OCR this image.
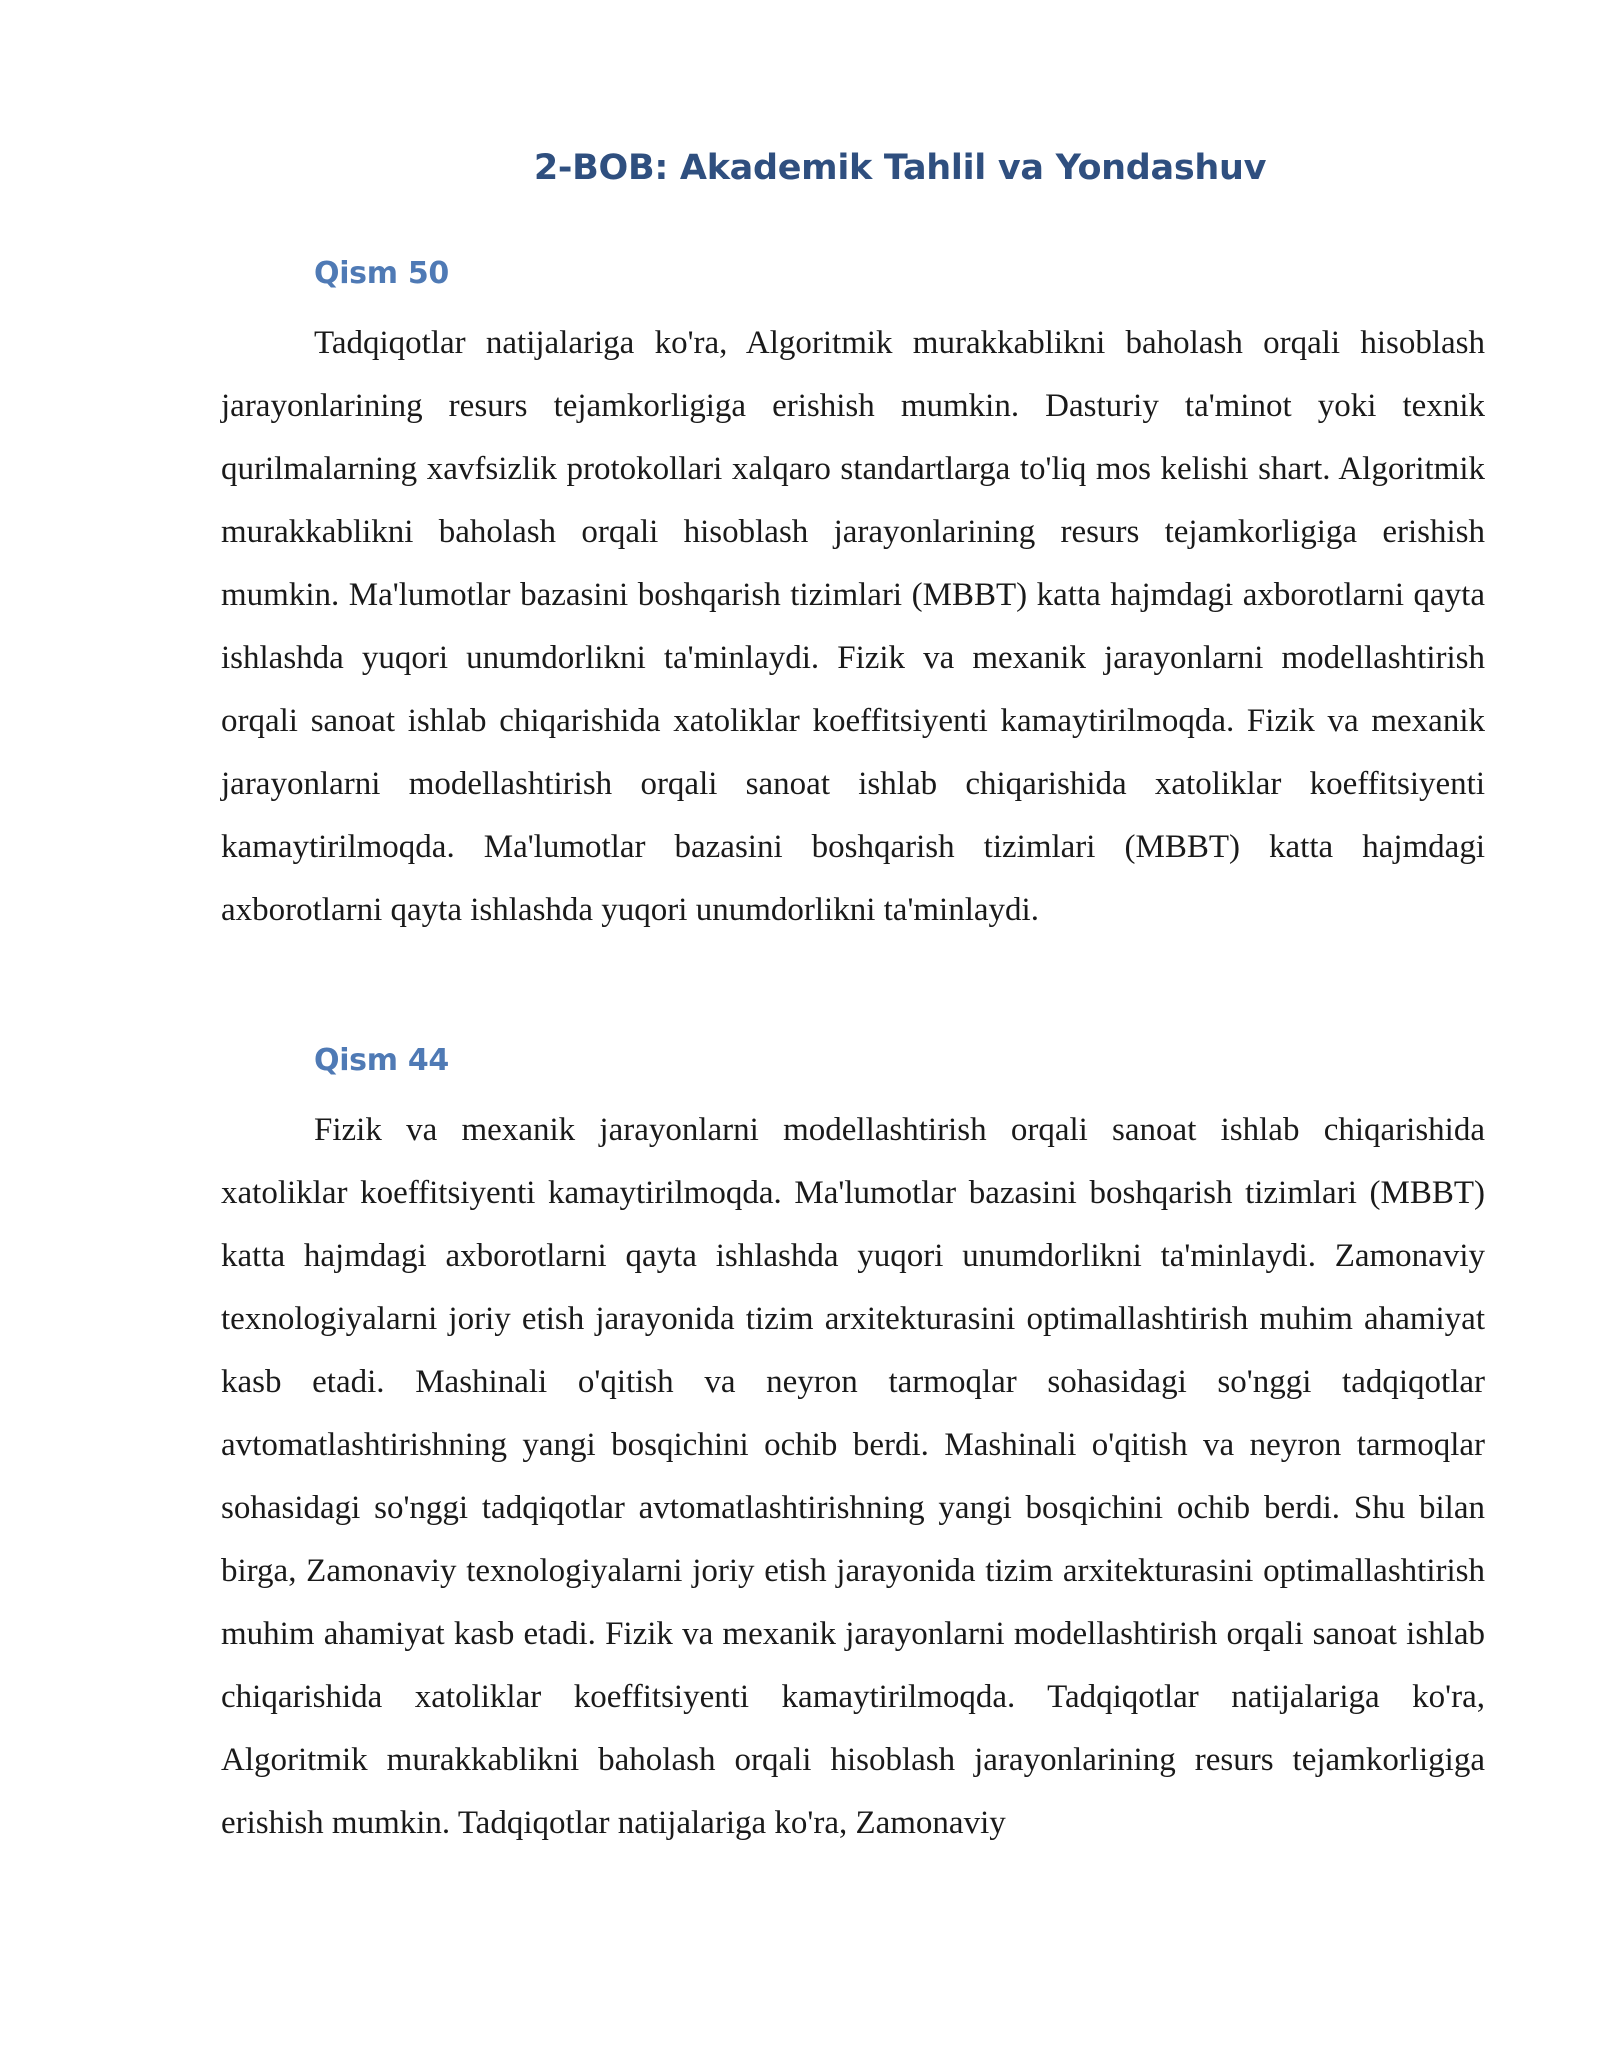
2-BOB: Akademik Tahlil va Yondashuv
Qism 50

Tadqiqotlar natijalariga ko'ra, Algoritmik murakkablikni baholash orqali hisoblash jarayonlarining resurs tejamkorligiga erishish mumkin. Dasturiy ta'minot yoki texnik qurilmalarning xavfsizlik protokollari xalqaro standartlarga to'liq mos kelishi shart. Algoritmik murakkablikni baholash orqali hisoblash jarayonlarining resurs tejamkorligiga erishish mumkin. Ma'lumotlar bazasini boshqarish tizimlari (MBBT) katta hajmdagi axborotlarni qayta ishlashda yuqori unumdorlikni ta'minlaydi. Fizik va mexanik jarayonlarni modellashtirish orqali sanoat ishlab chiqarishida xatoliklar koeffitsiyenti kamaytirilmoqda. Fizik va mexanik jarayonlarni modellashtirish orqali sanoat ishlab chiqarishida xatoliklar koeffitsiyenti kamaytirilmoqda. Ma'lumotlar bazasini boshqarish tizimlari (MBBT) katta hajmdagi axborotlarni qayta ishlashda yuqori unumdorlikni ta'minlaydi.

Qism 44

Fizik va mexanik jarayonlarni modellashtirish orqali sanoat ishlab chiqarishida xatoliklar koeffitsiyenti kamaytirilmoqda. Ma'lumotlar bazasini boshqarish tizimlari (MBBT) katta hajmdagi axborotlarni qayta ishlashda yuqori unumdorlikni ta'minlaydi. Zamonaviy texnologiyalarni joriy etish jarayonida tizim arxitekturasini optimallashtirish muhim ahamiyat kasb etadi. Mashinali o'qitish va neyron tarmoqlar sohasidagi so'nggi tadqiqotlar avtomatlashtirishning yangi bosqichini ochib berdi. Mashinali o'qitish va neyron tarmoqlar sohasidagi so'nggi tadqiqotlar avtomatlashtirishning yangi bosqichini ochib berdi. Shu bilan birga, Zamonaviy texnologiyalarni joriy etish jarayonida tizim arxitekturasini optimallashtirish muhim ahamiyat kasb etadi. Fizik va mexanik jarayonlarni modellashtirish orqali sanoat ishlab chiqarishida xatoliklar koeffitsiyenti kamaytirilmoqda. Tadqiqotlar natijalariga ko'ra, Algoritmik murakkablikni baholash orqali hisoblash jarayonlarining resurs tejamkorligiga erishish mumkin. Tadqiqotlar natijalariga ko'ra, Zamonaviy
